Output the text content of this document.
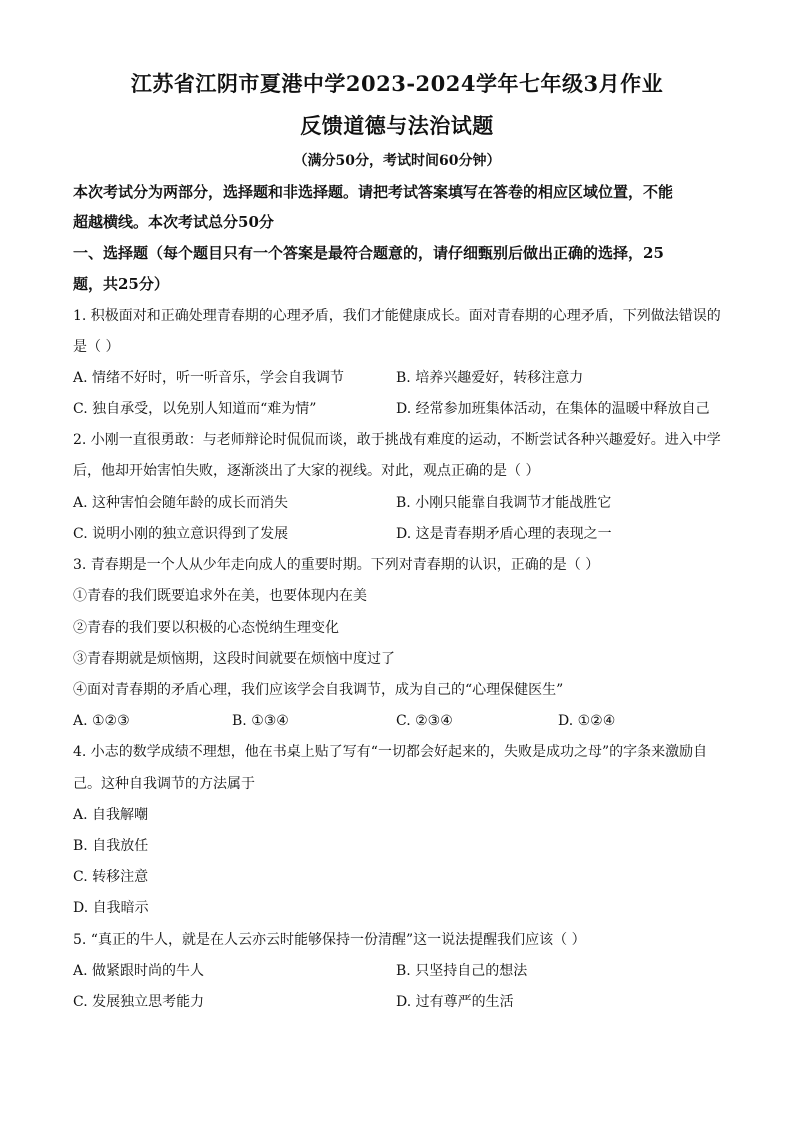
江苏省江阴市夏港中学2023-2024学年七年级3月作业
反馈道德与法治试题
（满分50分，考试时间60分钟）
本次考试分为两部分，选择题和非选择题。请把考试答案填写在答卷的相应区域位置，不能
超越横线。本次考试总分50分
一、选择题（每个题目只有一个答案是最符合题意的，请仔细甄别后做出正确的选择，25
题，共25分）
1. 积极面对和正确处理青春期的心理矛盾，我们才能健康成长。面对青春期的心理矛盾，下列做法错误的
是（ ）
A. 情绪不好时，听一听音乐，学会自我调节	B. 培养兴趣爱好，转移注意力
C. 独自承受，以免别人知道而“难为情”	D. 经常参加班集体活动，在集体的温暖中释放自己
2. 小刚一直很勇敢：与老师辩论时侃侃而谈，敢于挑战有难度的运动，不断尝试各种兴趣爱好。进入中学
后，他却开始害怕失败，逐渐淡出了大家的视线。对此，观点正确的是（ ）
A. 这种害怕会随年龄的成长而消失	B. 小刚只能靠自我调节才能战胜它
C. 说明小刚的独立意识得到了发展	D. 这是青春期矛盾心理的表现之一
3. 青春期是一个人从少年走向成人的重要时期。下列对青春期的认识，正确的是（ ）
①青春的我们既要追求外在美，也要体现内在美
②青春的我们要以积极的心态悦纳生理变化
③青春期就是烦恼期，这段时间就要在烦恼中度过了
④面对青春期的矛盾心理，我们应该学会自我调节，成为自己的“心理保健医生”
A. ①②③	B. ①③④	C. ②③④	D. ①②④
4. 小志的数学成绩不理想，他在书桌上贴了写有“一切都会好起来的，失败是成功之母”的字条来激励自
己。这种自我调节的方法属于
A. 自我解嘲
B. 自我放任
C. 转移注意
D. 自我暗示
5. “真正的牛人，就是在人云亦云时能够保持一份清醒”这一说法提醒我们应该（ ）
A. 做紧跟时尚的牛人	B. 只坚持自己的想法
C. 发展独立思考能力	D. 过有尊严的生活
